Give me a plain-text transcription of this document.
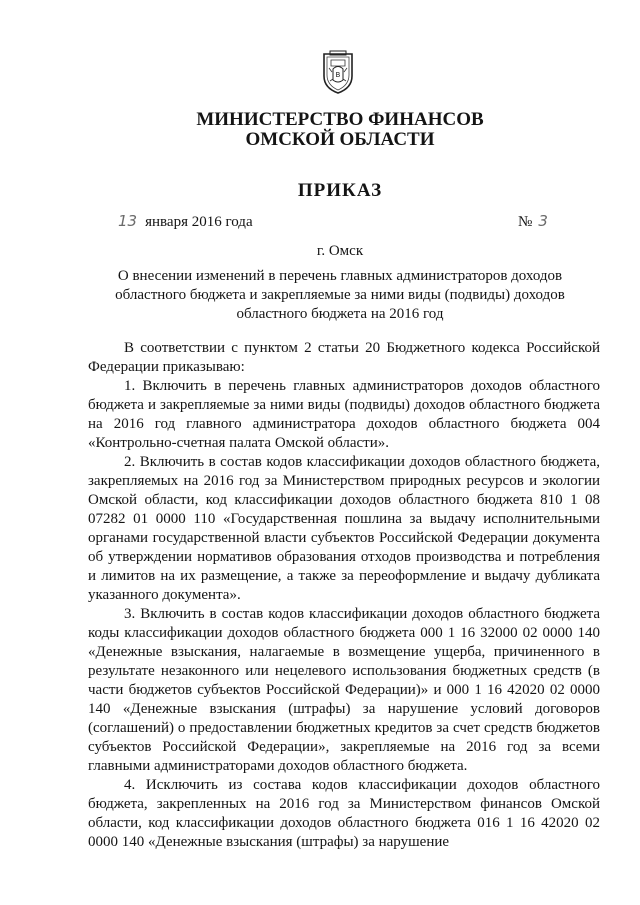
В
МИНИСТЕРСТВО ФИНАНСОВ
ОМСКОЙ ОБЛАСТИ
ПРИКАЗ
13 января 2016 года	№ 3
г. Омск
О внесении изменений в перечень главных администраторов доходов
областного бюджета и закрепляемые за ними виды (подвиды) доходов
областного бюджета на 2016 год

В соответствии с пунктом 2 статьи 20 Бюджетного кодекса Российской Федерации приказываю:

1. Включить в перечень главных администраторов доходов областного бюджета и закрепляемые за ними виды (подвиды) доходов областного бюджета на 2016 год главного администратора доходов областного бюджета 004 «Контрольно-счетная палата Омской области».

2. Включить в состав кодов классификации доходов областного бюджета, закрепляемых на 2016 год за Министерством природных ресурсов и экологии Омской области, код классификации доходов областного бюджета 810 1 08 07282 01 0000 110 «Государственная пошлина за выдачу исполнительными органами государственной власти субъектов Российской Федерации документа об утверждении нормативов образования отходов производства и потребления и лимитов на их размещение, а также за переоформление и выдачу дубликата указанного документа».

3. Включить в состав кодов классификации доходов областного бюджета коды классификации доходов областного бюджета 000 1 16 32000 02 0000 140 «Денежные взыскания, налагаемые в возмещение ущерба, причиненного в результате незаконного или нецелевого использования бюджетных средств (в части бюджетов субъектов Российской Федерации)» и 000 1 16 42020 02 0000 140 «Денежные взыскания (штрафы) за нарушение условий договоров (соглашений) о предоставлении бюджетных кредитов за счет средств бюджетов субъектов Российской Федерации», закрепляемые на 2016 год за всеми главными администраторами доходов областного бюджета.

4. Исключить из состава кодов классификации доходов областного бюджета, закрепленных на 2016 год за Министерством финансов Омской области, код классификации доходов областного бюджета 016 1 16 42020 02 0000 140 «Денежные взыскания (штрафы) за нарушение
